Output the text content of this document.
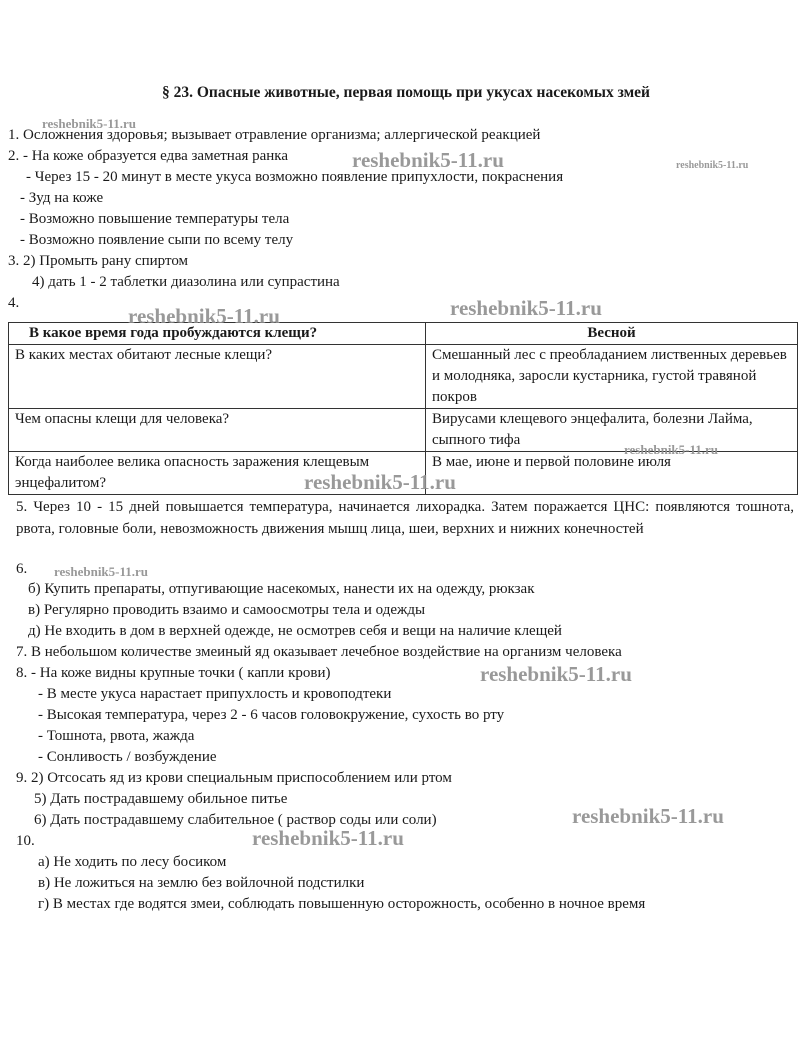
§ 23. Опасные животные, первая помощь при укусах насекомых змей
1. Осложнения здоровья; вызывает отравление организма; аллергической реакцией
2. - На коже образуется едва заметная ранка
- Через 15 - 20 минут в месте укуса возможно появление припухлости, покраснения
- Зуд на коже
- Возможно повышение температуры тела
- Возможно появление сыпи по всему телу
3. 2) Промыть рану спиртом
4) дать 1 - 2 таблетки диазолина или супрастина
4.
В какое время года пробуждаются клещи?	Весной
В каких местах обитают лесные клещи?	Смешанный лес с преобладанием лиственных деревьев и молодняка, заросли кустарника, густой травяной покров
Чем опасны клещи для человека?	Вирусами клещевого энцефалита, болезни Лайма, сыпного тифа
Когда наиболее велика опасность заражения клещевым энцефалитом?	В мае, июне и первой половине июля
5. Через 10 - 15 дней повышается температура, начинается лихорадка. Затем поражается ЦНС: появляются тошнота, рвота, головные боли, невозможность движения мышц лица, шеи, верхних и нижних конечностей
6.
б) Купить препараты, отпугивающие насекомых, нанести их на одежду, рюкзак
в) Регулярно проводить взаимо и самоосмотры тела и одежды
д) Не входить в дом в верхней одежде, не осмотрев себя и вещи на наличие клещей
7. В небольшом количестве змеиный яд оказывает лечебное воздействие на организм человека
8. - На коже видны крупные точки ( капли крови)
- В месте укуса нарастает припухлость и кровоподтеки
- Высокая температура, через 2 - 6 часов головокружение, сухость во рту
- Тошнота, рвота, жажда
- Сонливость / возбуждение
9. 2) Отсосать яд из крови специальным приспособлением или ртом
5) Дать пострадавшему обильное питье
6) Дать пострадавшему слабительное ( раствор соды или соли)
10.
а) Не ходить по лесу босиком
в) Не ложиться на землю без войлочной подстилки
г) В местах где водятся змеи, соблюдать повышенную осторожность, особенно в ночное время
reshebnik5-11.ru
reshebnik5-11.ru	reshebnik5-11.ru
reshebnik5-11.ru	reshebnik5-11.ru
reshebnik5-11.ru
reshebnik5-11.ru
reshebnik5-11.ru
reshebnik5-11.ru
reshebnik5-11.ru
reshebnik5-11.ru
